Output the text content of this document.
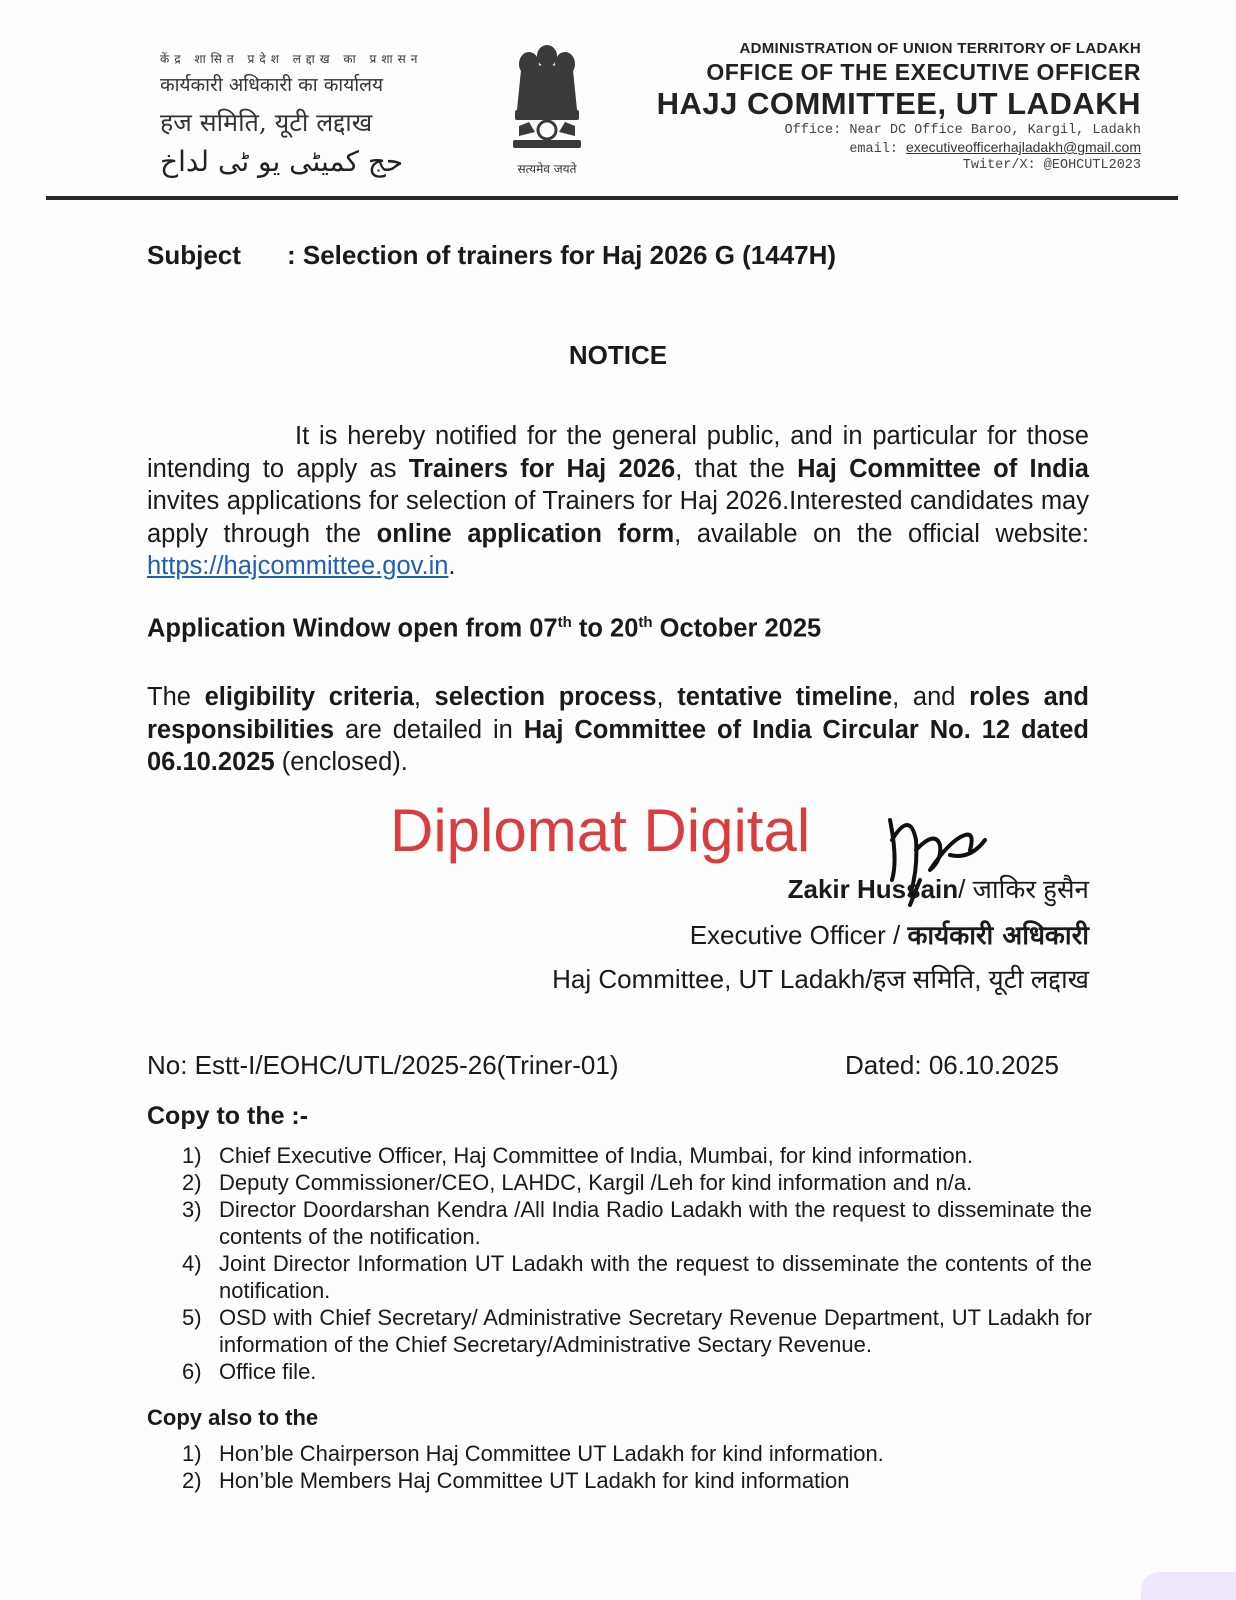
केंद्र शासित प्रदेश लद्दाख का प्रशासन
कार्यकारी अधिकारी का कार्यालय
हज समिति, यूटी लद्दाख
حج کمیٹی یو ٹی لداخ	सत्यमेव जयते
ADMINISTRATION OF UNION TERRITORY OF LADAKH
OFFICE OF THE EXECUTIVE OFFICER
HAJJ COMMITTEE, UT LADAKH
Office: Near DC Office Baroo, Kargil, Ladakh
email: executiveofficerhajladakh@gmail.com
Twiter/X: @EOHCUTL2023
Subject : Selection of trainers for Haj 2026 G (1447H)
NOTICE
It is hereby notified for the general public, and in particular for those intending to apply as Trainers for Haj 2026, that the Haj Committee of India invites applications for selection of Trainers for Haj 2026.Interested candidates may apply through the online application form, available on the official website: https://hajcommittee.gov.in.
Application Window open from 07th to 20th October 2025
The eligibility criteria, selection process, tentative timeline, and roles and responsibilities are detailed in Haj Committee of India Circular No. 12 dated 06.10.2025 (enclosed).
Diplomat Digital
Zakir Hussain/ जाकिर हुसैन
Executive Officer / कार्यकारी अधिकारी
Haj Committee, UT Ladakh/हज समिति, यूटी लद्दाख
No: Estt-I/EOHC/UTL/2025-26(Triner-01)	Dated: 06.10.2025
Copy to the :-
1) Chief Executive Officer, Haj Committee of India, Mumbai, for kind information.
2) Deputy Commissioner/CEO, LAHDC, Kargil /Leh for kind information and n/a.
3) Director Doordarshan Kendra /All India Radio Ladakh with the request to disseminate the contents of the notification.
4) Joint Director Information UT Ladakh with the request to disseminate the contents of the notification.
5) OSD with Chief Secretary/ Administrative Secretary Revenue Department, UT Ladakh for information of the Chief Secretary/Administrative Sectary Revenue.
6) Office file.
Copy also to the
1) Hon’ble Chairperson Haj Committee UT Ladakh for kind information.
2) Hon’ble Members Haj Committee UT Ladakh for kind information
